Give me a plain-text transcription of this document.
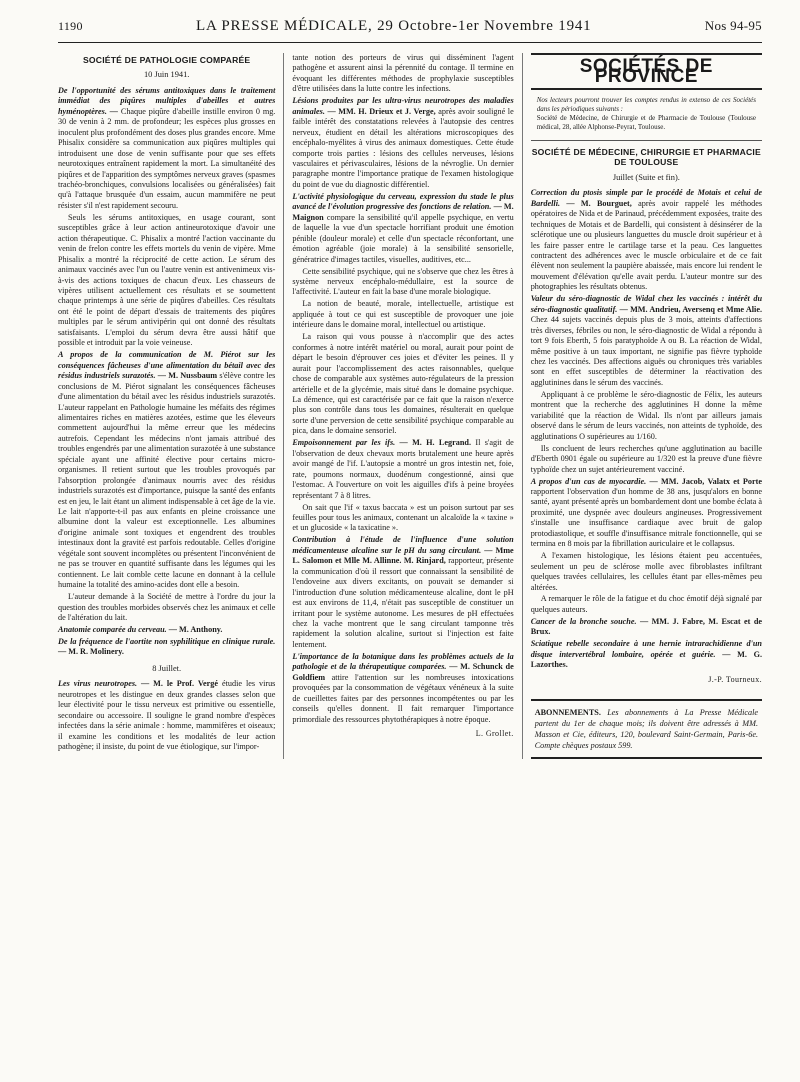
1190	LA PRESSE MÉDICALE, 29 Octobre-1er Novembre 1941	Nos 94-95
SOCIÉTÉ DE PATHOLOGIE COMPARÉE
10 Juin 1941.

De l'opportunité des sérums antitoxiques dans le traitement immédiat des piqûres multiples d'abeilles et autres hyménoptères. — Chaque piqûre d'abeille instille environ 0 mg. 30 de venin à 2 mm. de profondeur; les espèces plus grosses en inoculent plus profondément des doses plus grandes encore. Mme Phisalix considère sa communication aux piqûres multiples qui introduisent une dose de venin suffisante pour que ses effets neurotoxiques entraînent rapidement la mort. La simultanéité des piqûres et de l'apparition des symptômes nerveux graves (spasmes trachéo-bronchiques, convulsions localisées ou généralisées) fait qu'à l'attaque brusquée d'un essaim, aucun mammifère ne peut résister s'il n'est rapidement secouru.

Seuls les sérums antitoxiques, en usage courant, sont susceptibles grâce à leur action antineurotoxique d'avoir une action thérapeutique. C. Phisalix a montré l'action vaccinante du venin de frelon contre les effets mortels du venin de vipère. Mme Phisalix a montré la réciprocité de cette action. Le sérum des animaux vaccinés avec l'un ou l'autre venin est antivenimeux vis-à-vis des actions toxiques de chacun d'eux. Les chasseurs de vipères utilisent actuellement ces résultats et se soumettent chaque printemps à une série de piqûres d'abeilles. Ces résultats ont été le point de départ d'essais de traitements des piqûres multiples par le sérum antivipérin qui ont donné des résultats satisfaisants. L'emploi du sérum devra être aussi hâtif que possible et introduit par la voie veineuse.

A propos de la communication de M. Piérot sur les conséquences fâcheuses d'une alimentation du bétail avec des résidus industriels surazotés. — M. Nussbaum s'élève contre les conclusions de M. Piérot signalant les conséquences fâcheuses d'une alimentation du bétail avec les résidus industriels surazotés. L'auteur rappelant en Pathologie humaine les méfaits des régimes alimentaires riches en matières azotées, estime que les éleveurs commettent aujourd'hui la même erreur que les médecins autrefois. Cependant les médecins n'ont jamais attribué des troubles engendrés par une alimentation surazotée à une substance spéciale ayant une affinité élective pour certains micro-organismes. Il retient surtout que les troubles provoqués par l'absorption prolongée d'animaux nourris avec des résidus industriels surazotés est d'importance, puisque la santé des enfants est en jeu, le lait étant un aliment indispensable à cet âge de la vie. Le lait n'apporte-t-il pas aux enfants en pleine croissance une albumine dont la valeur est exceptionnelle. Les albumines d'origine animale sont toxiques et engendrent des troubles intestinaux dont la gravité est parfois redoutable. Celles d'origine végétale sont souvent incomplètes ou présentent l'inconvénient de ne pas se trouver en quantité suffisante dans les légumes qui les contiennent. Le lait comble cette lacune en donnant à la cellule humaine la totalité des amino-acides dont elle a besoin.

L'auteur demande à la Société de mettre à l'ordre du jour la question des troubles morbides observés chez les animaux et celle de l'altération du lait.

Anatomie comparée du cerveau. — M. Anthony.

De la fréquence de l'aortite non syphilitique en clinique rurale. — M. R. Molinery.

8 Juillet.

Les virus neurotropes. — M. le Prof. Vergé étudie les virus neurotropes et les distingue en deux grandes classes selon que leur électivité pour le tissu nerveux est primitive ou essentielle, secondaire ou accessoire. Il souligne le grand nombre d'espèces infectées dans la série animale : homme, mammifères et oiseaux; il examine les conditions et les modalités de leur action pathogène; il insiste, du point de vue étiologique, sur l'impor-

tante notion des porteurs de virus qui disséminent l'agent pathogène et assurent ainsi la pérennité du contage. Il termine en évoquant les différentes méthodes de prophylaxie susceptibles d'être utilisées dans la lutte contre les infections.

Lésions produites par les ultra-virus neurotropes des maladies animales. — MM. H. Drieux et J. Verge, après avoir souligné le faible intérêt des constatations relevées à l'autopsie des centres nerveux, étudient en détail les altérations microscopiques des encéphalo-myélites à virus des animaux domestiques. Cette étude comporte trois parties : lésions des cellules nerveuses, lésions vasculaires et périvasculaires, lésions de la névroglie. Un dernier paragraphe montre l'importance pratique de l'examen histologique du point de vue du diagnostic différentiel.

L'activité physiologique du cerveau, expression du stade le plus avancé de l'évolution progressive des fonctions de relation. — M. Maignon compare la sensibilité qu'il appelle psychique, en vertu de laquelle la vue d'un spectacle horrifiant produit une émotion pénible (douleur morale) et celle d'un spectacle réconfortant, une émotion agréable (joie morale) à la sensibilité sensorielle, génératrice d'images tactiles, visuelles, auditives, etc...

Cette sensibilité psychique, qui ne s'observe que chez les êtres à système nerveux encéphalo-médullaire, est la source de l'affectivité. L'auteur en fait la base d'une morale biologique.

La notion de beauté, morale, intellectuelle, artistique est appliquée à tout ce qui est susceptible de provoquer une joie intérieure dans le domaine moral, intellectuel ou artistique.

La raison qui vous pousse à n'accomplir que des actes conformes à notre intérêt matériel ou moral, aurait pour point de départ le besoin d'éprouver ces joies et d'éviter les peines. Il y aurait pour l'accomplissement des actes raisonnables, quelque chose de comparable aux systèmes auto-régulateurs de la pression artérielle et de la glycémie, mais situé dans le domaine psychique. La démence, qui est caractérisée par ce fait que la raison n'exerce plus son contrôle dans tous les domaines, résulterait en quelque sorte d'une perversion de cette sensibilité psychique comparable au pica, dans le domaine sensoriel.

Empoisonnement par les ifs. — M. H. Legrand. Il s'agit de l'observation de deux chevaux morts brutalement une heure après avoir mangé de l'if. L'autopsie a montré un gros intestin net, foie, rate, poumons normaux, duodénum congestionné, ainsi que l'estomac. A l'ouverture on voit les aiguilles d'ifs à peine broyées représentant 7 à 8 litres.

On sait que l'if « taxus baccata » est un poison surtout par ses feuilles pour tous les animaux, contenant un alcaloïde la « taxine » et un glucoside « la taxicatine ».

Contribution à l'étude de l'influence d'une solution médicamenteuse alcaline sur le pH du sang circulant. — Mme L. Salomon et Mlle M. Allinne. M. Rinjard, rapporteur, présente la communication d'où il ressort que connaissant la sensibilité de l'endoveine aux divers excitants, on pouvait se demander si l'introduction d'une solution médicamenteuse alcaline, dont le pH est aux environs de 11,4, n'était pas susceptible de constituer un irritant pour le système autonome. Les mesures de pH effectuées chez la vache montrent que le sang circulant tamponne très rapidement la solution alcaline, surtout si l'injection est faite lentement.

L'importance de la botanique dans les problèmes actuels de la pathologie et de la thérapeutique comparées. — M. Schunck de Goldfiem attire l'attention sur les nombreuses intoxications provoquées par la consommation de végétaux vénéneux à la suite de cueillettes faites par des personnes incompétentes ou par les conseils qu'elles donnent. Il fait remarquer l'importance primordiale des ressources phytothérapiques à notre époque.

L. Grollet.
SOCIÉTÉS DE PROVINCE
Nos lecteurs pourront trouver les comptes rendus in extenso de ces Sociétés dans les périodiques suivants :
Société de Médecine, de Chirurgie et de Pharmacie de Toulouse (Toulouse médical, 28, allée Alphonse-Peyrat, Toulouse.
SOCIÉTÉ DE MÉDECINE, CHIRURGIE ET PHARMACIE DE TOULOUSE
Juillet (Suite et fin).

Correction du ptosis simple par le procédé de Motais et celui de Bardelli. — M. Bourguet, après avoir rappelé les méthodes opératoires de Nida et de Parinaud, précédemment exposées, traite des techniques de Motais et de Bardelli, qui consistent à désinsérer de la sclérotique une ou plusieurs languettes du muscle droit supérieur et à les faire passer entre le cartilage tarse et la peau. Ces languettes contractent des adhérences avec le muscle orbiculaire et de ce fait élèvent non seulement la paupière abaissée, mais encore lui rendent le mouvement d'élévation qu'elle avait perdu. L'auteur montre sur des photographies les résultats obtenus.

Valeur du séro-diagnostic de Widal chez les vaccinés : intérêt du séro-diagnostic qualitatif. — MM. Andrieu, Aversenq et Mme Alie. Chez 44 sujets vaccinés depuis plus de 3 mois, atteints d'affections très diverses, fébriles ou non, le séro-diagnostic de Widal a répondu à tort 9 fois Eberth, 5 fois paratyphoïde A ou B. La réaction de Widal, même positive à un taux important, ne signifie pas fièvre typhoïde chez les vaccinés. Des affections aiguës ou chroniques très variables sont en effet susceptibles de déterminer la réactivation des agglutinines dans le sérum des vaccinés.

Appliquant à ce problème le séro-diagnostic de Félix, les auteurs montrent que la recherche des agglutinines H donne la même variabilité que la réaction de Widal. Ils n'ont par ailleurs jamais observé dans le sérum de leurs vaccinés, non atteints de typhoïde, des agglutinations O supérieures au 1/160.

Ils concluent de leurs recherches qu'une agglutination au bacille d'Eberth 0901 égale ou supérieure au 1/320 est la preuve d'une fièvre typhoïde chez un sujet antérieurement vacciné.

A propos d'un cas de myocardie. — MM. Jacob, Valatx et Porte rapportent l'observation d'un homme de 38 ans, jusqu'alors en bonne santé, ayant présenté après un bombardement dont une bombe éclata à proximité, une dyspnée avec douleurs angineuses. Progressivement s'installe une insuffisance cardiaque avec bruit de galop protodiastolique, et souffle d'insuffisance mitrale fonctionnelle, qui se termina en 8 mois par la fibrillation auriculaire et le collapsus.

A l'examen histologique, les lésions étaient peu accentuées, seulement un peu de sclérose molle avec fibroblastes infiltrant quelques travées cellulaires, les cellules étant par elles-mêmes peu altérées.

A remarquer le rôle de la fatigue et du choc émotif déjà signalé par quelques auteurs.

Cancer de la bronche souche. — MM. J. Fabre, M. Escat et de Brux.

Sciatique rebelle secondaire à une hernie intrarachidienne d'un disque intervertébral lombaire, opérée et guérie. — M. G. Lazorthes.

J.-P. Tourneux.
ABONNEMENTS. Les abonnements à La Presse Médicale partent du 1er de chaque mois; ils doivent être adressés à MM. Masson et Cie, éditeurs, 120, boulevard Saint-Germain, Paris-6e. Compte chèques postaux 599.
